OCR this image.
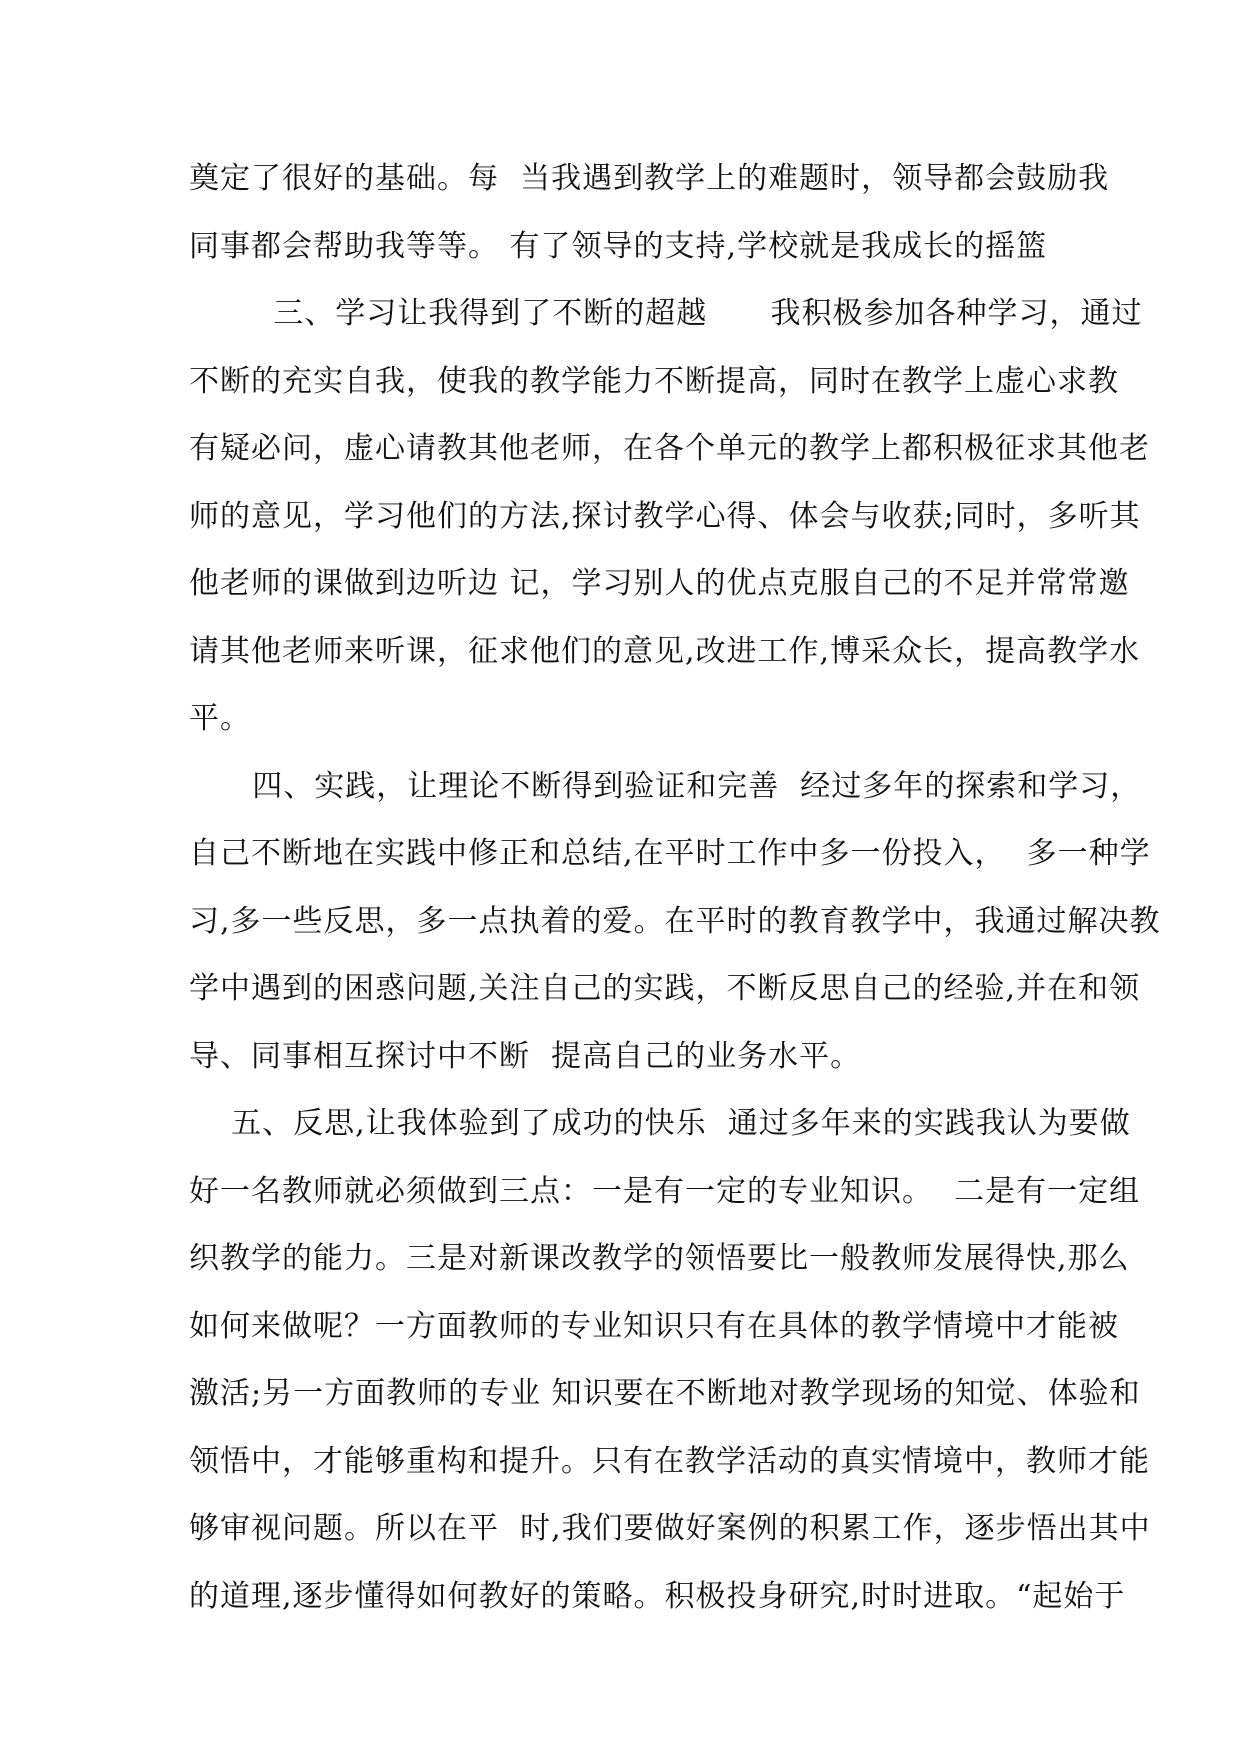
奠定了很好的基础。每  当我遇到教学上的难题时，领导都会鼓励我
同事都会帮助我等等。 有了领导的支持,学校就是我成长的摇篮
三、学习让我得到了不断的超越      我积极参加各种学习，通过
不断的充实自我，使我的教学能力不断提高，同时在教学上虚心求教
有疑必问，虚心请教其他老师，在各个单元的教学上都积极征求其他老
师的意见，学习他们的方法,探讨教学心得、体会与收获;同时，多听其
他老师的课做到边听边 记，学习别人的优点克服自己的不足并常常邀
请其他老师来听课，征求他们的意见,改进工作,博采众长，提高教学水
平。
四、实践，让理论不断得到验证和完善  经过多年的探索和学习，
自己不断地在实践中修正和总结,在平时工作中多一份投入，  多一种学
习,多一些反思，多一点执着的爱。在平时的教育教学中，我通过解决教
学中遇到的困惑问题,关注自己的实践，不断反思自己的经验,并在和领
导、同事相互探讨中不断  提高自己的业务水平。
五、反思,让我体验到了成功的快乐  通过多年来的实践我认为要做
好一名教师就必须做到三点：一是有一定的专业知识。  二是有一定组
织教学的能力。三是对新课改教学的领悟要比一般教师发展得快,那么
如何来做呢？一方面教师的专业知识只有在具体的教学情境中才能被
激活;另一方面教师的专业 知识要在不断地对教学现场的知觉、体验和
领悟中，才能够重构和提升。只有在教学活动的真实情境中，教师才能
够审视问题。所以在平  时,我们要做好案例的积累工作，逐步悟出其中
的道理,逐步懂得如何教好的策略。积极投身研究,时时进取。“起始于
